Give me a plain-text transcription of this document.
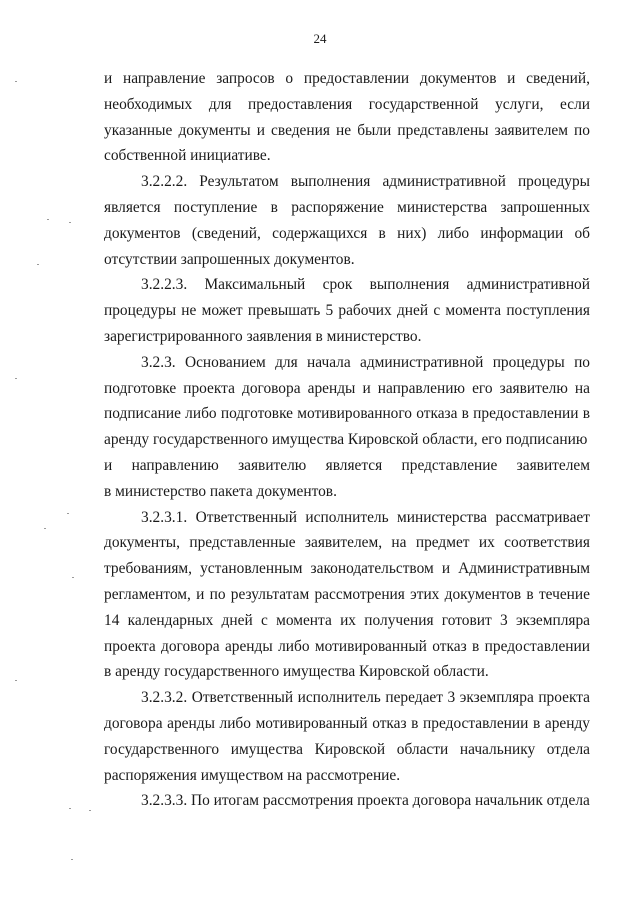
24

и направление запросов о предоставлении документов и сведений, необходимых для предоставления государственной услуги, если указанные документы и сведения не были представлены заявителем по собственной инициативе.

3.2.2.2. Результатом выполнения административной процедуры является поступление в распоряжение министерства запрошенных документов (сведений, содержащихся в них) либо информации об отсутствии запрошенных документов.

3.2.2.3. Максимальный срок выполнения административной процедуры не может превышать 5 рабочих дней с момента поступления зарегистрированного заявления в министерство.

3.2.3. Основанием для начала административной процедуры по подготовке проекта договора аренды и направлению его заявителю на подписание либо подготовке мотивированного отказа в предоставлении в аренду государственного имущества Кировской области, его подписанию

и направлению заявителю является представление заявителем

в министерство пакета документов.

3.2.3.1. Ответственный исполнитель министерства рассматривает документы, представленные заявителем, на предмет их соответствия требованиям, установленным законодательством и Административным регламентом, и по результатам рассмотрения этих документов в течение 14 календарных дней с момента их получения готовит 3 экземпляра проекта договора аренды либо мотивированный отказ в предоставлении в аренду государственного имущества Кировской области.

3.2.3.2. Ответственный исполнитель передает 3 экземпляра проекта договора аренды либо мотивированный отказ в предоставлении в аренду государственного имущества Кировской области начальнику отдела распоряжения имуществом на рассмотрение.

3.2.3.3. По итогам рассмотрения проекта договора начальник отдела
